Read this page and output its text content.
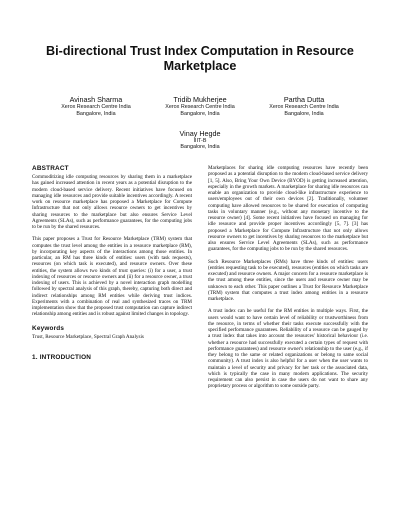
Bi-directional Trust Index Computation in Resource
Marketplace
Avinash Sharma
Xerox Research Centre India
Bangalore, India
Tridib Mukherjee
Xerox Research Centre India
Bangalore, India
Partha Dutta
Xerox Research Centre India
Bangalore, India
Vinay Hegde
IIIT-B
Bangalore, India
ABSTRACT

Commoditizing idle computing resources by sharing them in a marketplace has gained increased attention in recent years as a potential disruption to the modern cloud-based service delivery. Recent initiatives have focused on managing idle resources and provide suitable incentives accordingly. A recent work on resource marketplace has proposed a Marketplace for Compute Infrastructure that not only allows resource owners to get incentives by sharing resources to the marketplace but also ensures Service Level Agreements (SLAs), such as performance guarantees, for the computing jobs to be run by the shared resources.

This paper proposes a Trust for Resource Marketplace (TRM) system that computes the trust level among the entities in a resource marketplace (RM), by incorporating key aspects of the interactions among those entities. In particular, an RM has three kinds of entities: users (with task requests), resources (on which task is executed), and resource owners. Over these entities, the system allows two kinds of trust queries: (i) for a user, a trust indexing of resources or resource owners and (ii) for a resource owner, a trust indexing of users. This is achieved by a novel interaction graph modelling followed by spectral analysis of this graph, thereby, capturing both direct and indirect relationships among RM entities while deriving trust indices. Experiments with a combination of real and synthesized traces on TRM implementation show that the proposed trust computation can capture indirect relationship among entities and is robust against limited changes in topology.

Keywords
Trust, Resource Marketplace, Spectral Graph Analysis
1. INTRODUCTION

Marketplaces for sharing idle computing resources have recently been proposed as a potential disruption to the modern cloud-based service delivery [1, 5]. Also, Bring Your Own Device (BYOD) is getting increased attention, especially in the growth markets. A marketplace for sharing idle resources can enable an organization to provide cloud-like infrastructure experience to users/employees out of their own devices [2]. Traditionally, volunteer computing have allowed resources to be shared for execution of computing tasks in voluntary manner (e.g., without any monetary incentive to the resource owner) [4]. Some recent initiatives have focused on managing for idle resource and provide proper incentives accordingly [5, 7]. [3] has proposed a Marketplace for Compute Infrastructure that not only allows resource owners to get incentives by sharing resources to the marketplace but also ensures Service Level Agreements (SLAs), such as performance guarantees, for the computing jobs to be run by the shared resources.

Such Resource Marketplaces (RMs) have three kinds of entities: users (entities requesting task to be executed), resources (entities on which tasks are executed) and resource owners. A major concern for a resource marketplace is the trust among these entities, since the users and resource owner may be unknown to each other. This paper outlines a Trust for Resource Marketplace (TRM) system that computes a trust index among entities in a resource marketplace.

A trust index can be useful for the RM entities in multiple ways. First, the users would want to have certain level of reliability or trustworthiness from the resource, in terms of whether their tasks execute successfully with the specified performance guarantees. Reliability of a resource can be gauged by a trust index that takes into account the resources' historical behaviour (i.e. whether a resource had successfully executed a certain types of request with performance guarantees) and resource owner's relationship to the user (e.g., if they belong to the same or related organizations or belong to same social community). A trust index is also helpful for a user when the user wants to maintain a level of security and privacy for her task or the associated data, which is typically the case in many modern applications. The security requirement can also persist in case the users do not want to share any proprietary process or algorithm to some outside party.
